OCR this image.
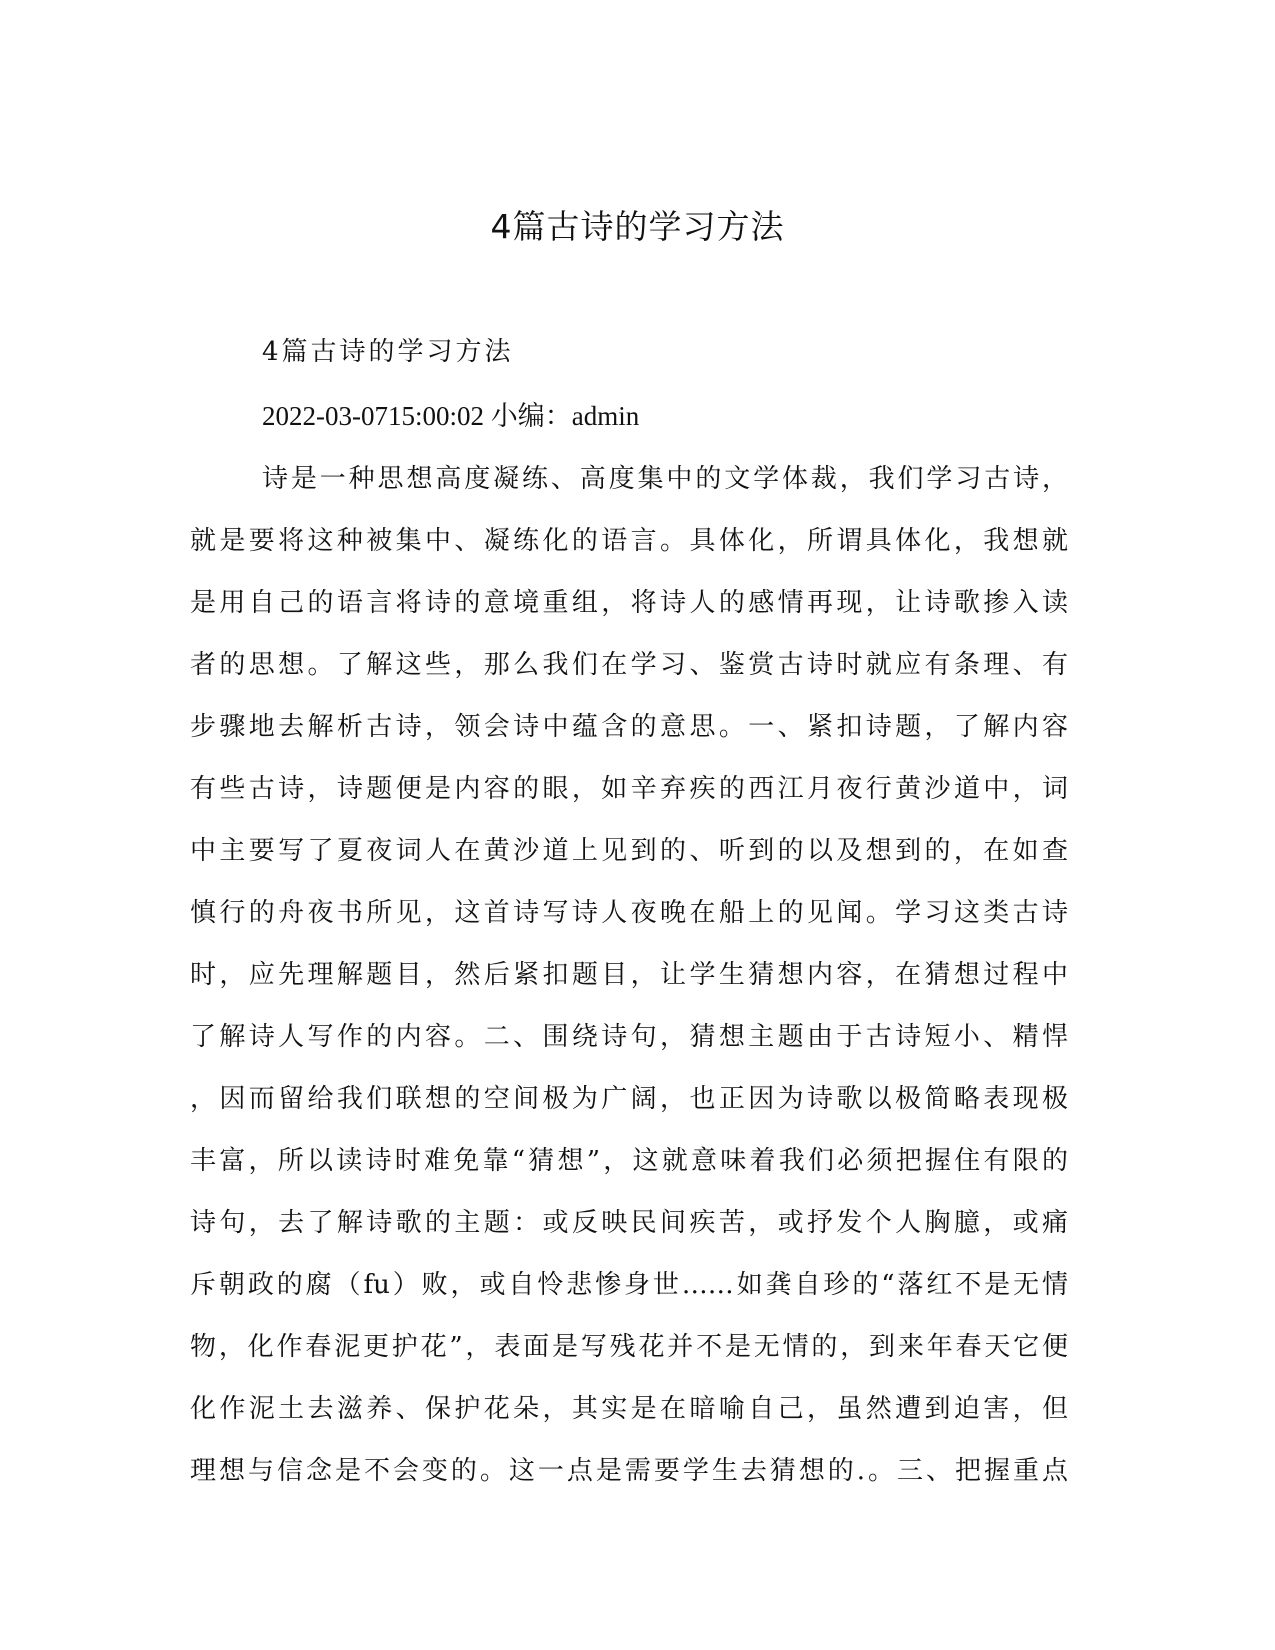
4篇古诗的学习方法

4篇古诗的学习方法

2022-03-0715:00:02 小编：admin

诗是一种思想高度凝练、高度集中的文学体裁，我们学习古诗，
就是要将这种被集中、凝练化的语言。具体化，所谓具体化，我想就
是用自己的语言将诗的意境重组，将诗人的感情再现，让诗歌掺入读
者的思想。了解这些，那么我们在学习、鉴赏古诗时就应有条理、有
步骤地去解析古诗，领会诗中蕴含的意思。一、紧扣诗题，了解内容
有些古诗，诗题便是内容的眼，如辛弃疾的西江月夜行黄沙道中，词
中主要写了夏夜词人在黄沙道上见到的、听到的以及想到的，在如查
慎行的舟夜书所见，这首诗写诗人夜晚在船上的见闻。学习这类古诗
时，应先理解题目，然后紧扣题目，让学生猜想内容，在猜想过程中
了解诗人写作的内容。二、围绕诗句，猜想主题由于古诗短小、精悍
，因而留给我们联想的空间极为广阔，也正因为诗歌以极简略表现极
丰富，所以读诗时难免靠“猜想”，这就意味着我们必须把握住有限的
诗句，去了解诗歌的主题：或反映民间疾苦，或抒发个人胸臆，或痛
斥朝政的腐（fu）败，或自怜悲惨身世……如龚自珍的“落红不是无情
物，化作春泥更护花”，表面是写残花并不是无情的，到来年春天它便
化作泥土去滋养、保护花朵，其实是在暗喻自己，虽然遭到迫害，但
理想与信念是不会变的。这一点是需要学生去猜想的.。三、把握重点
